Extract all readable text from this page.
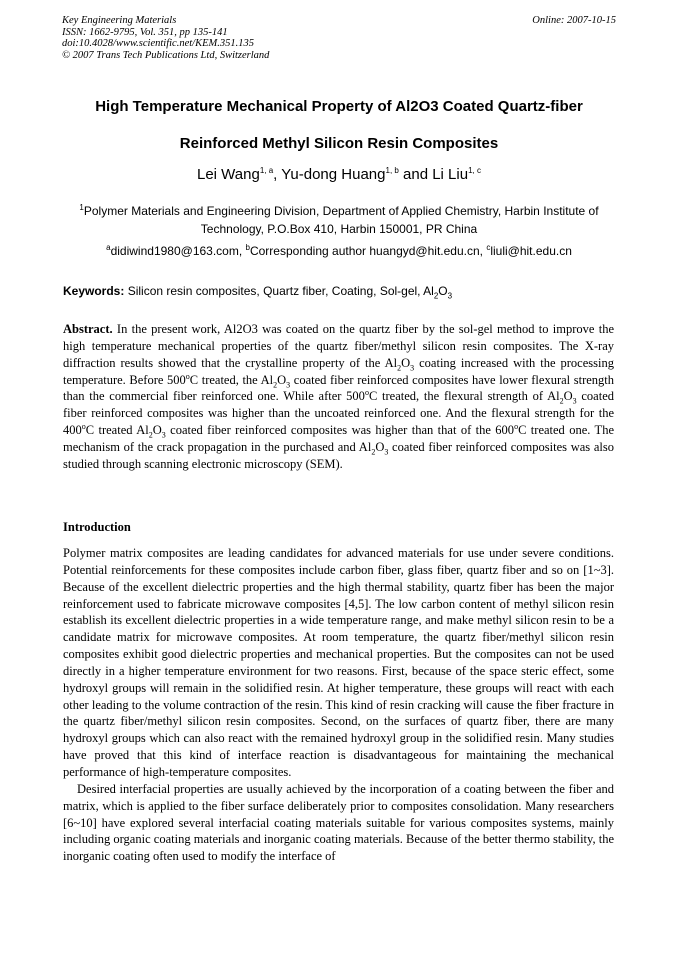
Key Engineering Materials
ISSN: 1662-9795, Vol. 351, pp 135-141
doi:10.4028/www.scientific.net/KEM.351.135
© 2007 Trans Tech Publications Ltd, Switzerland
Online: 2007-10-15
High Temperature Mechanical Property of Al2O3 Coated Quartz-fiber
Reinforced Methyl Silicon Resin Composites
Lei Wang$^{1, a}$, Yu-dong Huang$^{1, b}$ and Li Liu$^{1, c}$
$^1$Polymer Materials and Engineering Division, Department of Applied Chemistry, Harbin Institute of Technology, P.O.Box 410, Harbin 150001, PR China
$^a$didiwind1980@163.com, $^b$Corresponding author huangyd@hit.edu.cn, $^c$liuli@hit.edu.cn
Keywords: Silicon resin composites, Quartz fiber, Coating, Sol-gel, $Al_2O_3$
Abstract. In the present work, Al2O3 was coated on the quartz fiber by the sol-gel method to improve the high temperature mechanical properties of the quartz fiber/methyl silicon resin composites. The X-ray diffraction results showed that the crystalline property of the $Al_2O_3$ coating increased with the processing temperature. Before 500$^o$C treated, the $Al_2O_3$ coated fiber reinforced composites have lower flexural strength than the commercial fiber reinforced one. While after 500$^o$C treated, the flexural strength of $Al_2O_3$ coated fiber reinforced composites was higher than the uncoated reinforced one. And the flexural strength for the 400$^o$C treated $Al_2O_3$ coated fiber reinforced composites was higher than that of the 600$^o$C treated one. The mechanism of the crack propagation in the purchased and $Al_2O_3$ coated fiber reinforced composites was also studied through scanning electronic microscopy (SEM).
Introduction

Polymer matrix composites are leading candidates for advanced materials for use under severe conditions. Potential reinforcements for these composites include carbon fiber, glass fiber, quartz fiber and so on [1~3]. Because of the excellent dielectric properties and the high thermal stability, quartz fiber has been the major reinforcement used to fabricate microwave composites [4,5]. The low carbon content of methyl silicon resin establish its excellent dielectric properties in a wide temperature range, and make methyl silicon resin to be a candidate matrix for microwave composites. At room temperature, the quartz fiber/methyl silicon resin composites exhibit good dielectric properties and mechanical properties. But the composites can not be used directly in a higher temperature environment for two reasons. First, because of the space steric effect, some hydroxyl groups will remain in the solidified resin. At higher temperature, these groups will react with each other leading to the volume contraction of the resin. This kind of resin cracking will cause the fiber fracture in the quartz fiber/methyl silicon resin composites. Second, on the surfaces of quartz fiber, there are many hydroxyl groups which can also react with the remained hydroxyl group in the solidified resin. Many studies have proved that this kind of interface reaction is disadvantageous for maintaining the mechanical performance of high-temperature composites.

Desired interfacial properties are usually achieved by the incorporation of a coating between the fiber and matrix, which is applied to the fiber surface deliberately prior to composites consolidation. Many researchers [6~10] have explored several interfacial coating materials suitable for various composites systems, mainly including organic coating materials and inorganic coating materials. Because of the better thermo stability, the inorganic coating often used to modify the interface of
